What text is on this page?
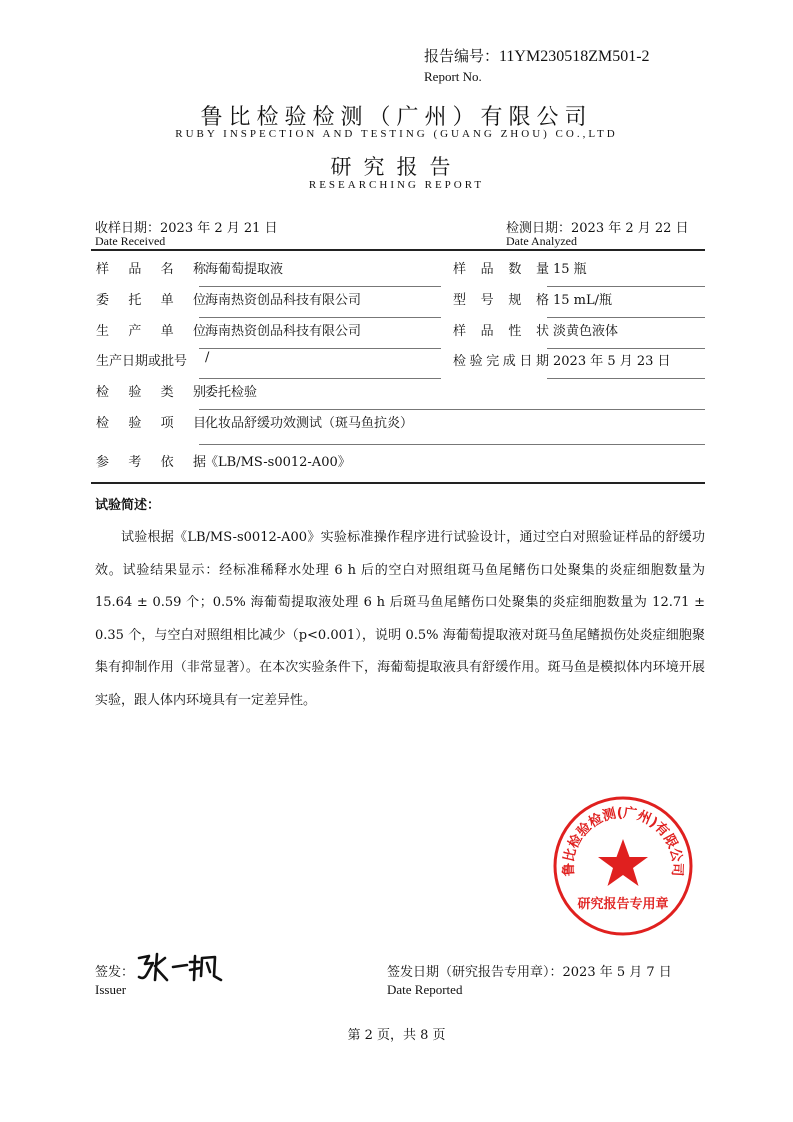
报告编号：11YM230518ZM501-2
Report No.
鲁比检验检测（广州）有限公司
RUBY INSPECTION AND TESTING (GUANG ZHOU) CO.,LTD
研究报告
RESEARCHING REPORT
收样日期：2023 年 2 月 21 日
Date Received
检测日期：2023 年 2 月 22 日
Date Analyzed
样 品 名 称 海葡萄提取液	样 品 数 量 15 瓶
委 托 单 位 海南热资创品科技有限公司	型 号 规 格 15 mL/瓶
生 产 单 位 海南热资创品科技有限公司	样 品 性 状 淡黄色液体
生产日期或批号 /	检 验 完 成 日 期 2023 年 5 月 23 日
检 验 类 别 委托检验
检 验 项 目 化妆品舒缓功效测试（斑马鱼抗炎）
参 考 依 据 《LB/MS-s0012-A00》
试验简述：

试验根据《LB/MS-s0012-A00》实验标准操作程序进行试验设计，通过空白对照验证样品的舒缓功效。试验结果显示：经标准稀释水处理 6 h 后的空白对照组斑马鱼尾鳍伤口处聚集的炎症细胞数量为 15.64 ± 0.59 个；0.5% 海葡萄提取液处理 6 h 后斑马鱼尾鳍伤口处聚集的炎症细胞数量为 12.71 ± 0.35 个，与空白对照组相比减少（p<0.001），说明 0.5% 海葡萄提取液对斑马鱼尾鳍损伤处炎症细胞聚集有抑制作用（非常显著）。在本次实验条件下，海葡萄提取液具有舒缓作用。斑马鱼是模拟体内环境开展实验，跟人体内环境具有一定差异性。

鲁比检验检测(广州)有限公司
研究报告专用章
签发：
Issuer
签发日期（研究报告专用章）：2023 年 5 月 7 日
Date Reported
第 2 页，共 8 页
